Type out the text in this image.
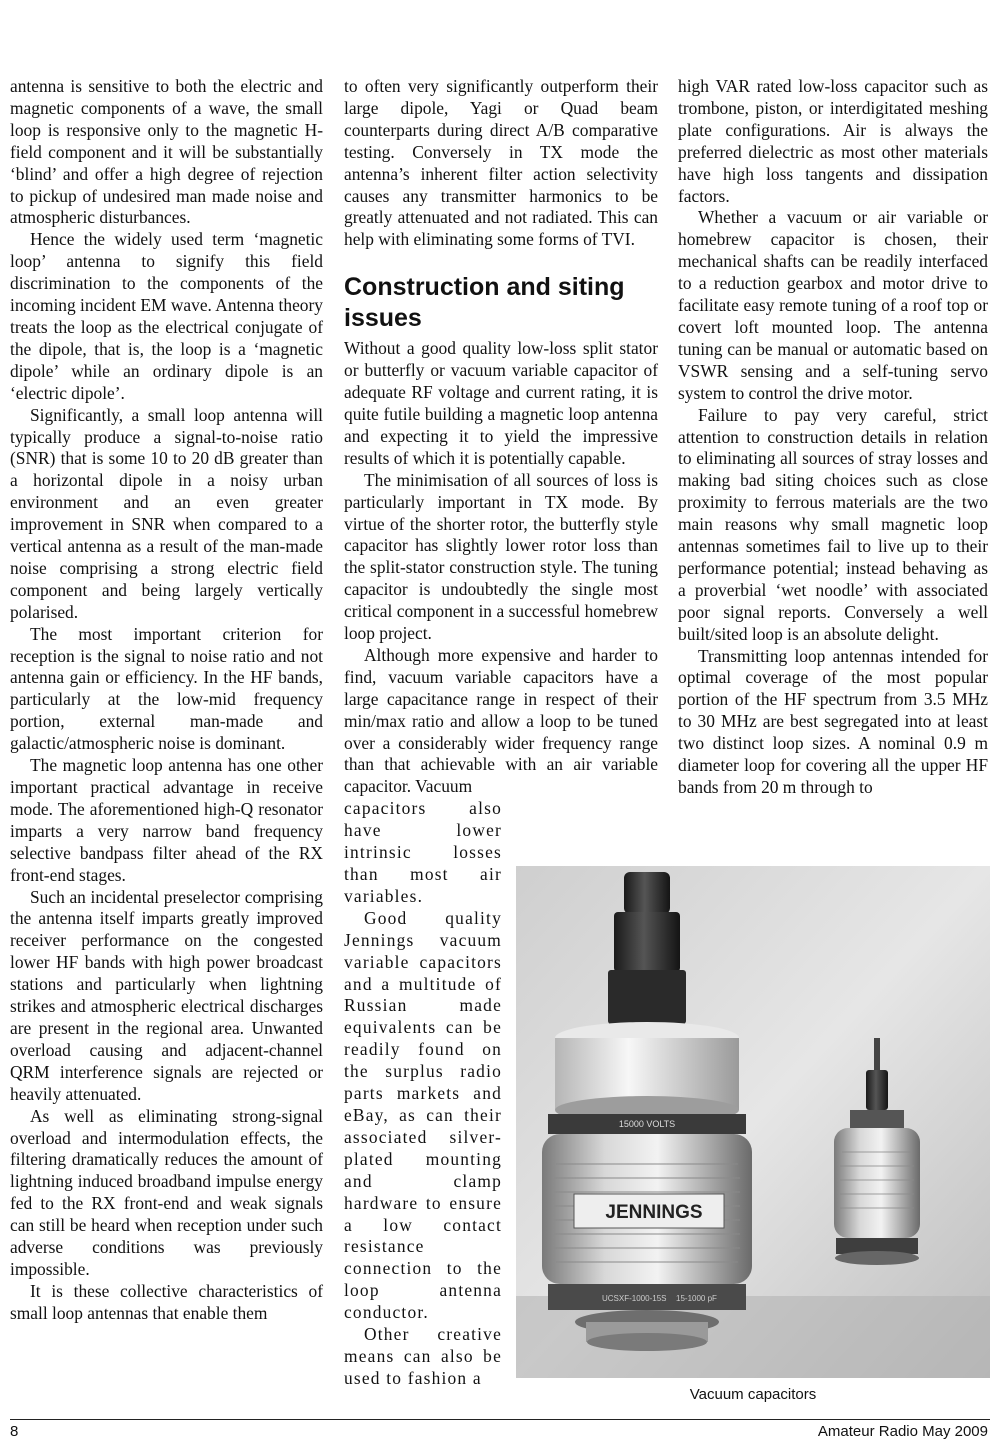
antenna is sensitive to both the electric and magnetic components of a wave, the small loop is responsive only to the magnetic H-field component and it will be substantially ‘blind’ and offer a high degree of rejection to pickup of undesired man made noise and atmospheric disturbances.

Hence the widely used term ‘magnetic loop’ antenna to signify this field discrimination to the components of the incoming incident EM wave. Antenna theory treats the loop as the electrical conjugate of the dipole, that is, the loop is a ‘magnetic dipole’ while an ordinary dipole is an ‘electric dipole’.

Significantly, a small loop antenna will typically produce a signal-to-noise ratio (SNR) that is some 10 to 20 dB greater than a horizontal dipole in a noisy urban environment and an even greater improvement in SNR when compared to a vertical antenna as a result of the man-made noise comprising a strong electric field component and being largely vertically polarised.

The most important criterion for reception is the signal to noise ratio and not antenna gain or efficiency. In the HF bands, particularly at the low-mid frequency portion, external man-made and galactic/atmospheric noise is dominant.

The magnetic loop antenna has one other important practical advantage in receive mode. The aforementioned high-Q resonator imparts a very narrow band frequency selective bandpass filter ahead of the RX front-end stages.

Such an incidental preselector comprising the antenna itself imparts greatly improved receiver performance on the congested lower HF bands with high power broadcast stations and particularly when lightning strikes and atmospheric electrical discharges are present in the regional area. Unwanted overload causing and adjacent-channel QRM interference signals are rejected or heavily attenuated.

As well as eliminating strong-signal overload and intermodulation effects, the filtering dramatically reduces the amount of lightning induced broadband impulse energy fed to the RX front-end and weak signals can still be heard when reception under such adverse conditions was previously impossible.

It is these collective characteristics of small loop antennas that enable them

to often very significantly outperform their large dipole, Yagi or Quad beam counterparts during direct A/B comparative testing. Conversely in TX mode the antenna’s inherent filter action selectivity causes any transmitter harmonics to be greatly attenuated and not radiated. This can help with eliminating some forms of TVI.

Construction and siting issues

Without a good quality low-loss split stator or butterfly or vacuum variable capacitor of adequate RF voltage and current rating, it is quite futile building a magnetic loop antenna and expecting it to yield the impressive results of which it is potentially capable.

The minimisation of all sources of loss is particularly important in TX mode. By virtue of the shorter rotor, the butterfly style capacitor has slightly lower rotor loss than the split-stator construction style. The tuning capacitor is undoubtedly the single most critical component in a successful homebrew loop project.

Although more expensive and harder to find, vacuum variable capacitors have a large capacitance range in respect of their min/max ratio and allow a loop to be tuned over a considerably wider frequency range than that achievable with an air variable capacitor. Vacuum

capacitors also have lower intrinsic losses than most air variables.

Good quality Jennings vacuum variable capacitors and a multitude of Russian made equivalents can be readily found on the surplus radio parts markets and eBay, as can their associated silver-plated mounting and clamp hardware to ensure a low contact resistance connection to the loop antenna conductor.

Other creative means can also be used to fashion a

high VAR rated low-loss capacitor such as trombone, piston, or interdigitated meshing plate configurations. Air is always the preferred dielectric as most other materials have high loss tangents and dissipation factors.

Whether a vacuum or air variable or homebrew capacitor is chosen, their mechanical shafts can be readily interfaced to a reduction gearbox and motor drive to facilitate easy remote tuning of a roof top or covert loft mounted loop. The antenna tuning can be manual or automatic based on VSWR sensing and a self-tuning servo system to control the drive motor.

Failure to pay very careful, strict attention to construction details in relation to eliminating all sources of stray losses and making bad siting choices such as close proximity to ferrous materials are the two main reasons why small magnetic loop antennas sometimes fail to live up to their performance potential; instead behaving as a proverbial ‘wet noodle’ with associated poor signal reports. Conversely a well built/sited loop is an absolute delight.

Transmitting loop antennas intended for optimal coverage of the most popular portion of the HF spectrum from 3.5 MHz to 30 MHz are best segregated into at least two distinct loop sizes. A nominal 0.9 m diameter loop for covering all the upper HF bands from 20 m through to

15000 VOLTS
JENNINGS
UCSXF-1000-15S 15-1000 pF
Vacuum capacitors
8	Amateur Radio May 2009
